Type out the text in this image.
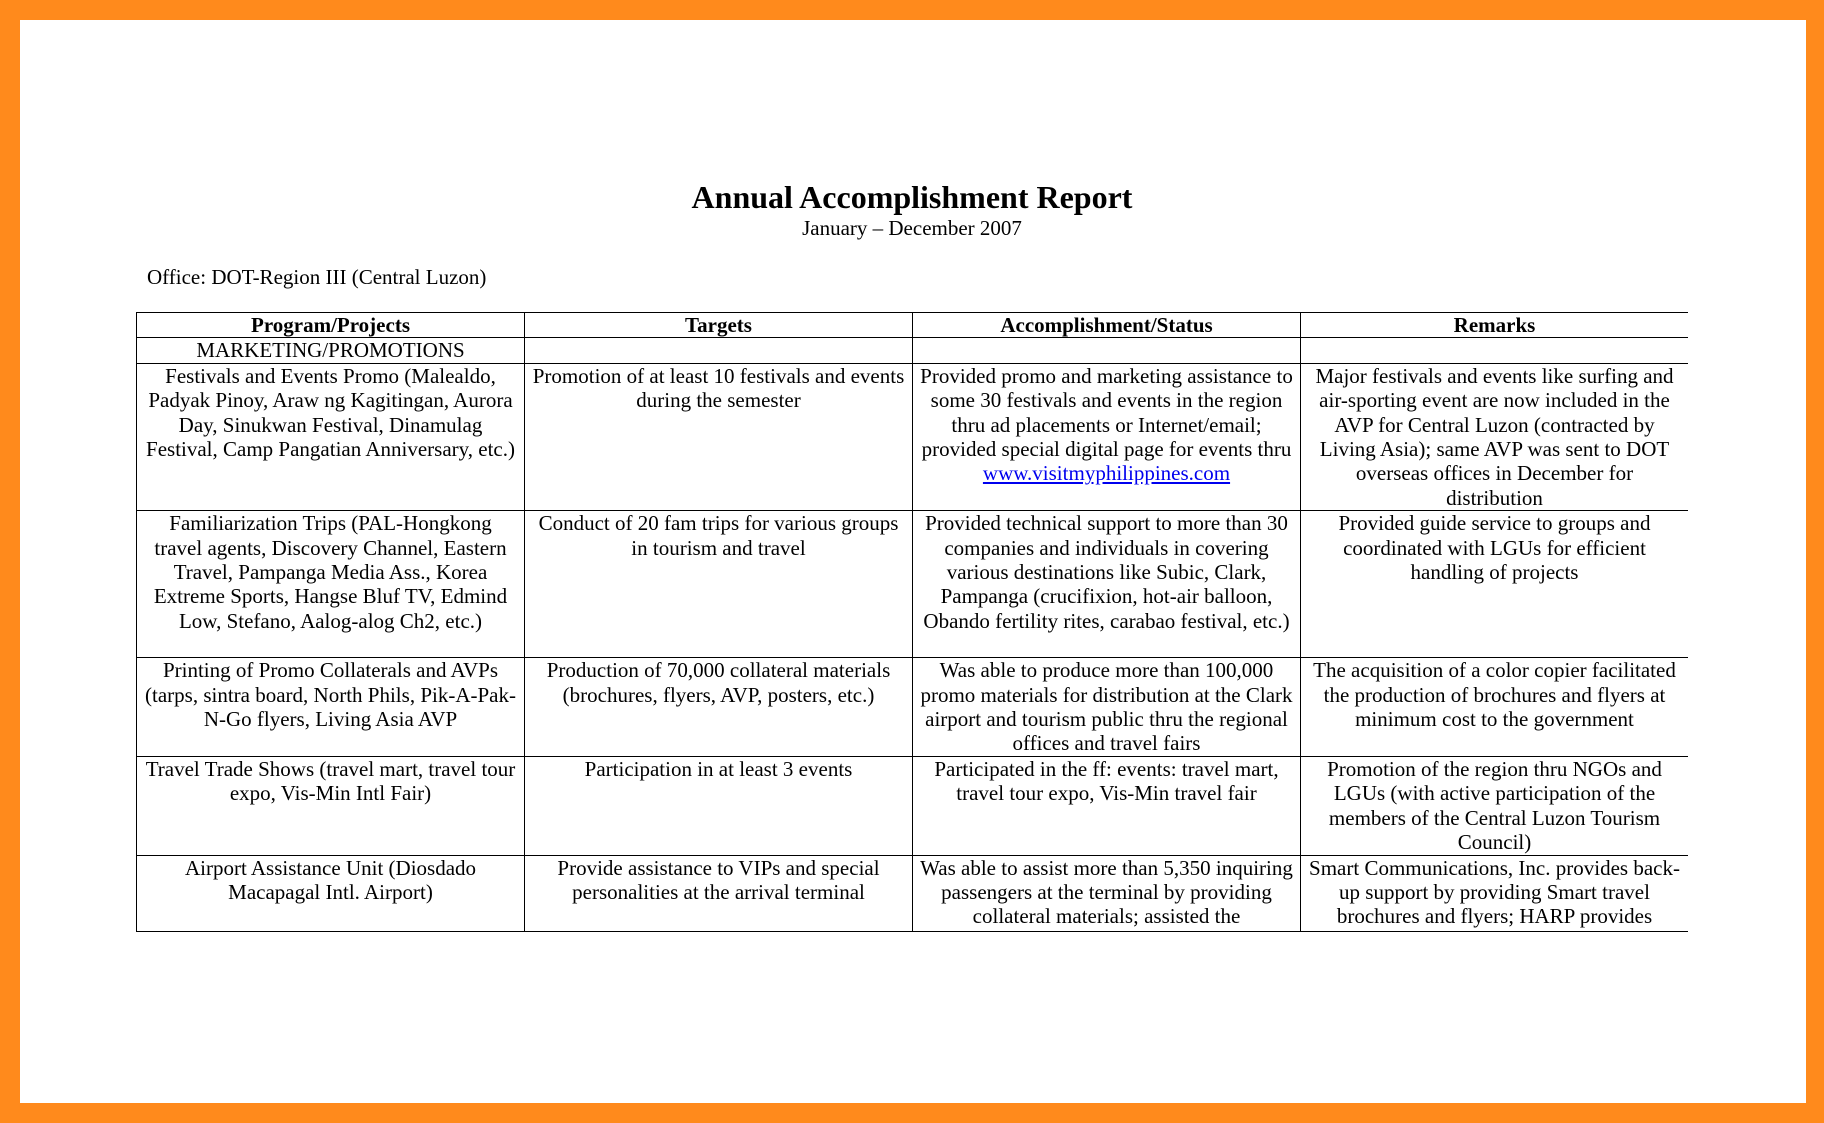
Annual Accomplishment Report
January – December 2007
Office: DOT-Region III (Central Luzon)
Program/Projects	Targets	Accomplishment/Status	Remarks
MARKETING/PROMOTIONS			
Festivals and Events Promo (Malealdo, Padyak Pinoy, Araw ng Kagitingan, Aurora Day, Sinukwan Festival, Dinamulag Festival, Camp Pangatian Anniversary, etc.)	Promotion of at least 10 festivals and events during the semester	Provided promo and marketing assistance to some 30 festivals and events in the region thru ad placements or Internet/email; provided special digital page for events thru www.visitmyphilippines.com	Major festivals and events like surfing and air-sporting event are now included in the AVP for Central Luzon (contracted by Living Asia); same AVP was sent to DOT overseas offices in December for distribution
Familiarization Trips (PAL-Hongkong travel agents, Discovery Channel, Eastern Travel, Pampanga Media Ass., Korea Extreme Sports, Hangse Bluf TV, Edmind Low, Stefano, Aalog-alog Ch2, etc.)	Conduct of 20 fam trips for various groups in tourism and travel	Provided technical support to more than 30 companies and individuals in covering various destinations like Subic, Clark, Pampanga (crucifixion, hot-air balloon, Obando fertility rites, carabao festival, etc.)	Provided guide service to groups and coordinated with LGUs for efficient handling of projects
Printing of Promo Collaterals and AVPs (tarps, sintra board, North Phils, Pik-A-Pak-N-Go flyers, Living Asia AVP	Production of 70,000 collateral materials (brochures, flyers, AVP, posters, etc.)	Was able to produce more than 100,000 promo materials for distribution at the Clark airport and tourism public thru the regional offices and travel fairs	The acquisition of a color copier facilitated the production of brochures and flyers at minimum cost to the government
Travel Trade Shows (travel mart, travel tour expo, Vis-Min Intl Fair)	Participation in at least 3 events	Participated in the ff: events: travel mart, travel tour expo, Vis-Min travel fair	Promotion of the region thru NGOs and LGUs (with active participation of the members of the Central Luzon Tourism Council)
Airport Assistance Unit (Diosdado Macapagal Intl. Airport)	Provide assistance to VIPs and special personalities at the arrival terminal	Was able to assist more than 5,350 inquiring passengers at the terminal by providing collateral materials; assisted the	Smart Communications, Inc. provides back-up support by providing Smart travel brochures and flyers; HARP provides
